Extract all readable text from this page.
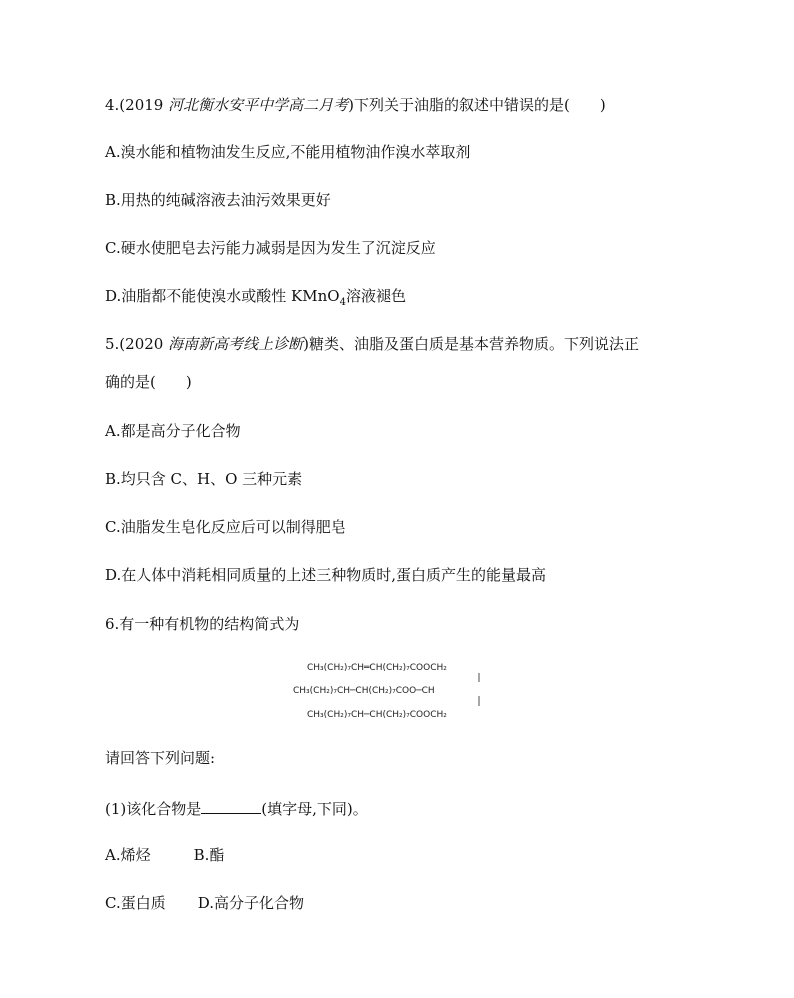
4.(2019 河北衡水安平中学高二月考)下列关于油脂的叙述中错误的是(　　)

A.溴水能和植物油发生反应,不能用植物油作溴水萃取剂

B.用热的纯碱溶液去油污效果更好

C.硬水使肥皂去污能力减弱是因为发生了沉淀反应

D.油脂都不能使溴水或酸性 KMnO$_4$溶液褪色

5.(2020 海南新高考线上诊断)糖类、油脂及蛋白质是基本营养物质。下列说法正

确的是(　　)

A.都是高分子化合物

B.均只含 C、H、O 三种元素

C.油脂发生皂化反应后可以制得肥皂

D.在人体中消耗相同质量的上述三种物质时,蛋白质产生的能量最高

6.有一种有机物的结构简式为

CH₃(CH₂)₇CH═CH(CH₂)₇COOCH₂
CH₃(CH₂)₇CH─CH(CH₂)₇COO─CH
CH₃(CH₂)₇CH─CH(CH₂)₇COOCH₂

请回答下列问题:

(1)该化合物是	(填字母,下同)。

A.烯烃	B.酯

C.蛋白质 D.高分子化合物
